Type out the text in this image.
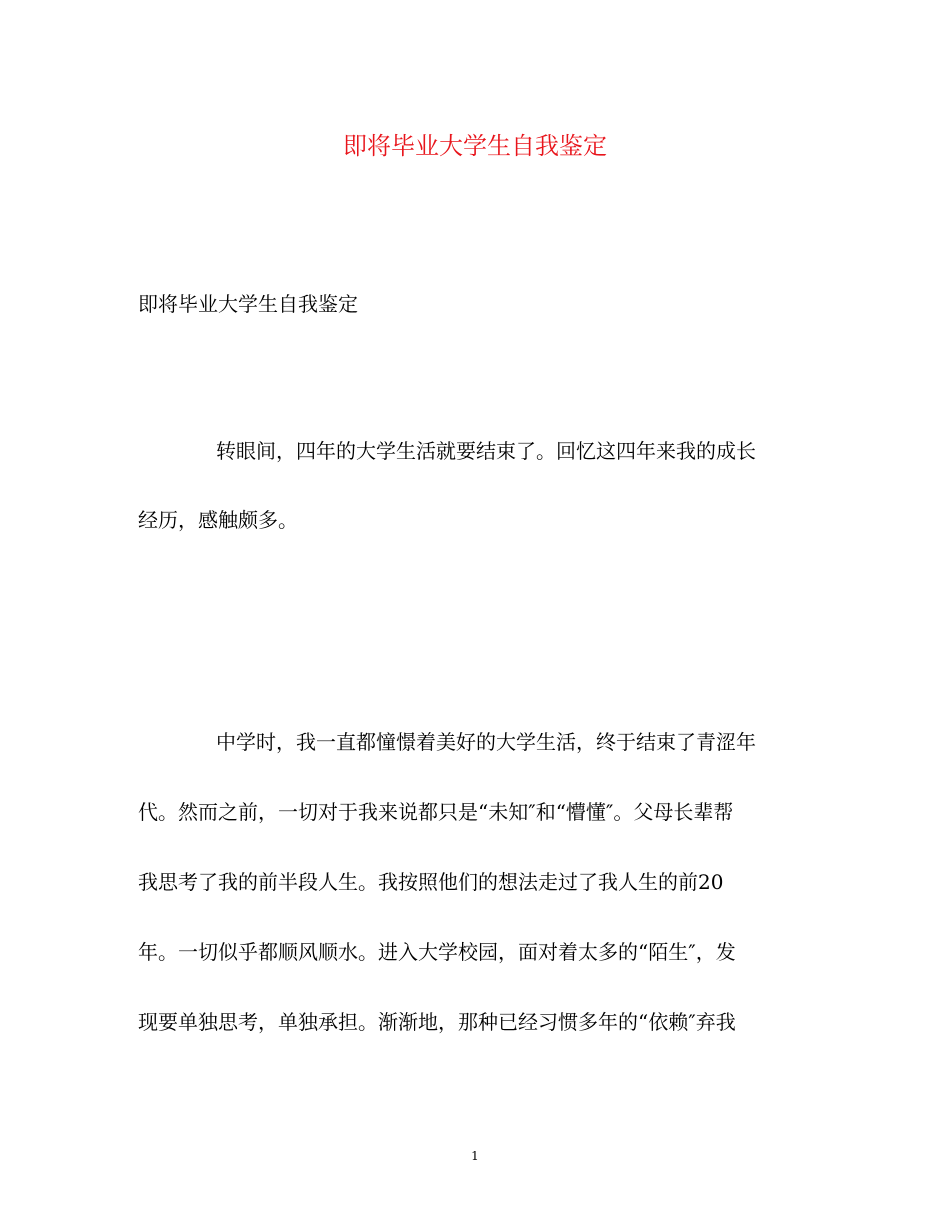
即将毕业大学生自我鉴定
即将毕业大学生自我鉴定
转眼间，四年的大学生活就要结束了。回忆这四年来我的成长
经历，感触颇多。
中学时，我一直都憧憬着美好的大学生活，终于结束了青涩年
代。然而之前，一切对于我来说都只是“未知″和“懵懂″。父母长辈帮
我思考了我的前半段人生。我按照他们的想法走过了我人生的前20
年。一切似乎都顺风顺水。进入大学校园，面对着太多的“陌生″，发
现要单独思考，单独承担。渐渐地，那种已经习惯多年的“依赖″弃我
1
